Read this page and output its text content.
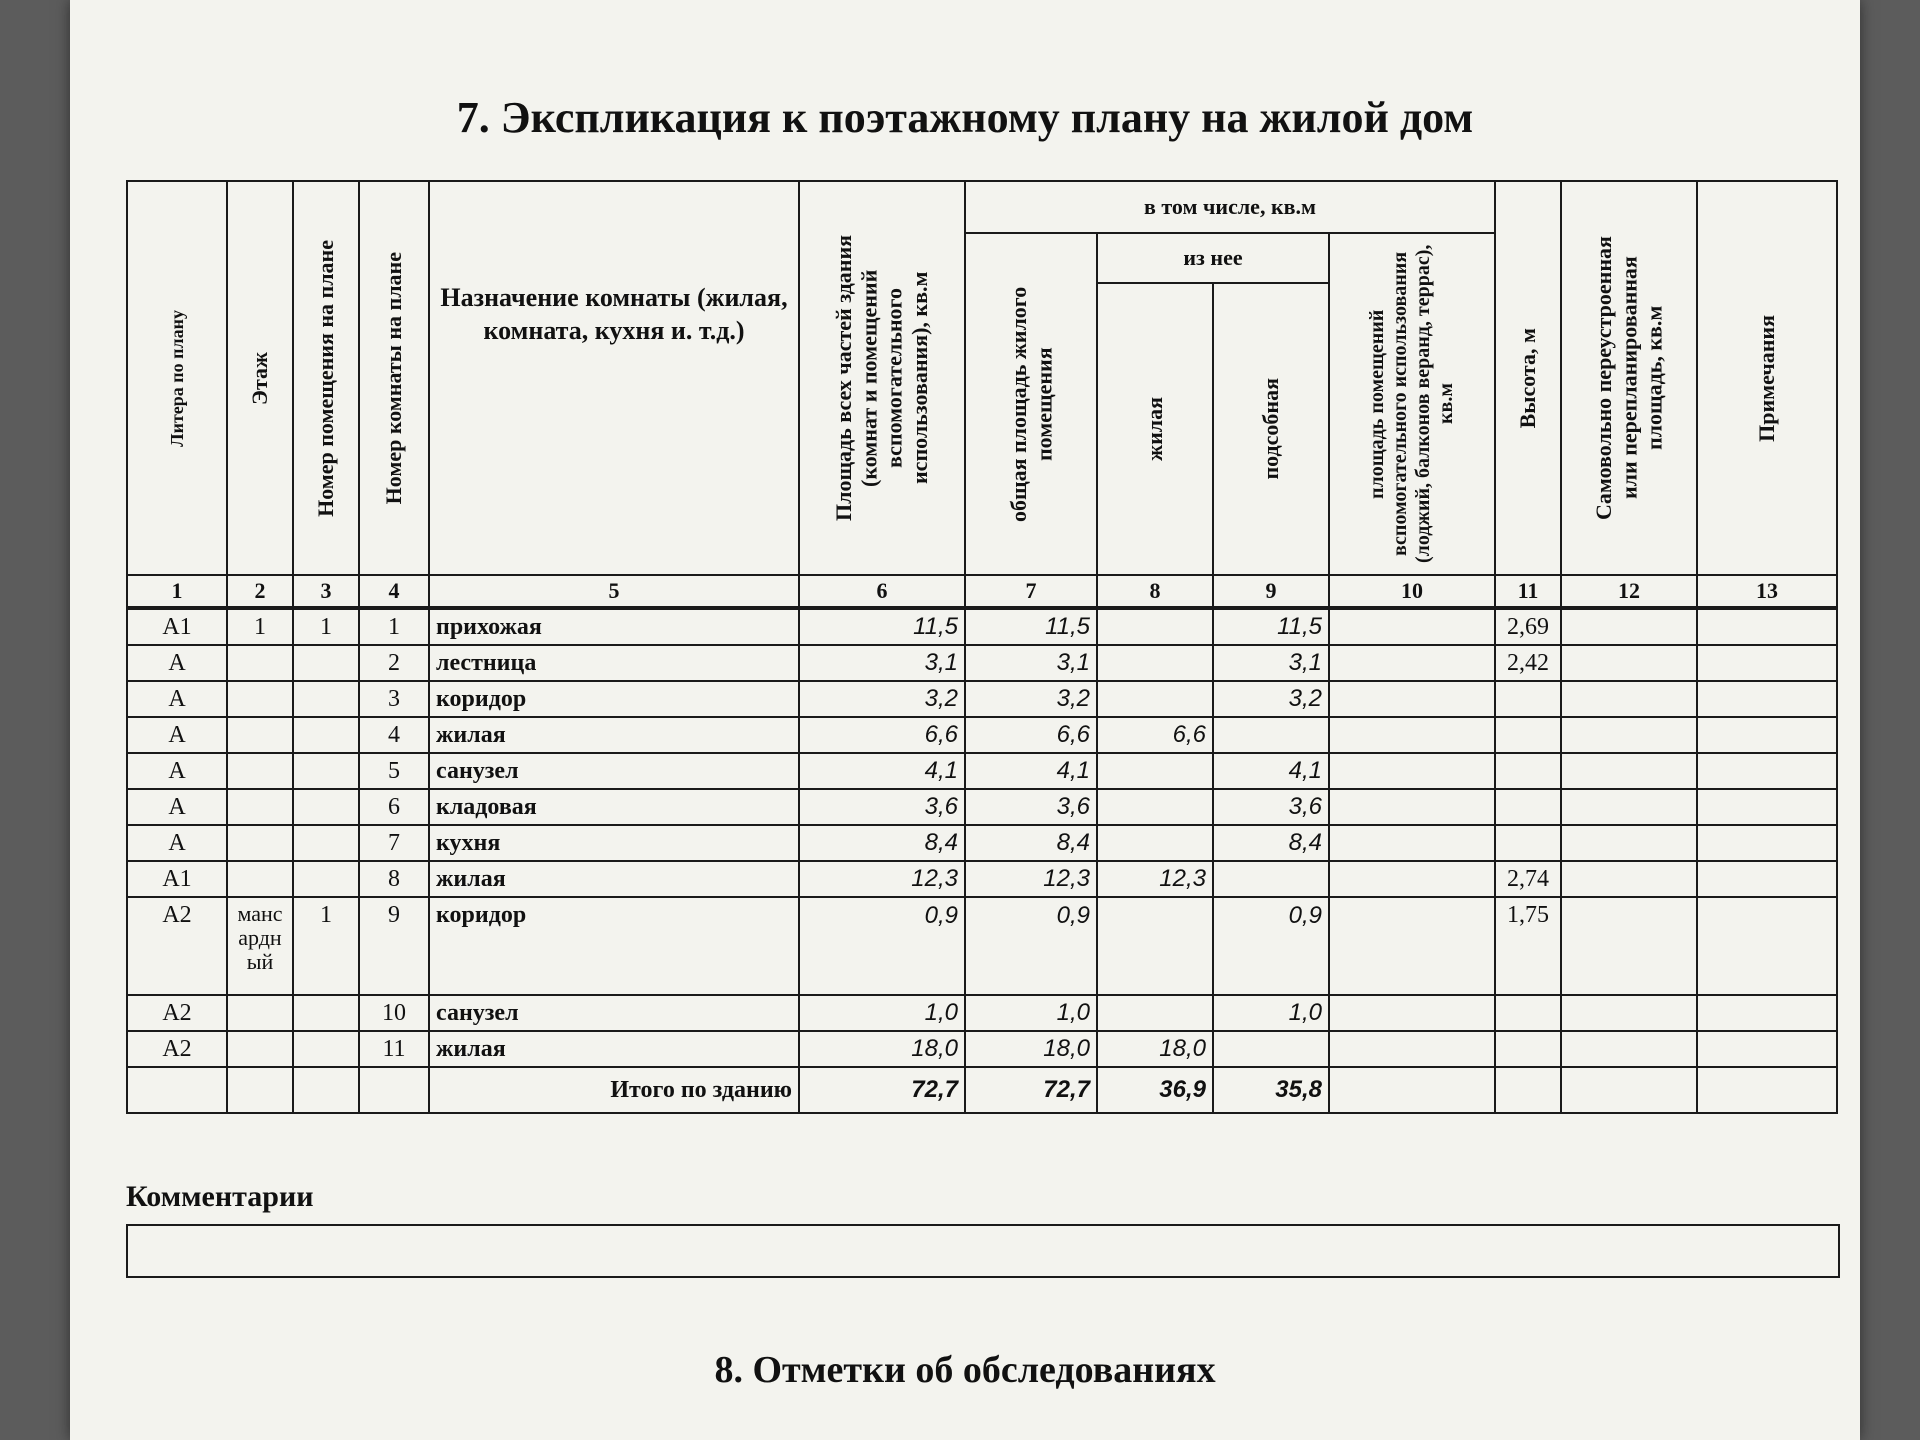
7. Экспликация к поэтажному плану на жилой дом
Литера по плану	Этаж	Номер помещения на плане	Номер комнаты на плане	Назначение комнаты (жилая, комната, кухня и. т.д.)	Площадь всех частей здания (комнат и помещений вспомогательного использования), кв.м	в том числе, кв.м				Высота, м	Самовольно переустроенная или перепланированная площадь, кв.м	Примечания

						общая площадь жилого помещения	из нее		площадь помещений вспомогательного использования (лоджий, балконов веранд, террас), кв.м			

							жилая	подсобная				

1	2	3	4	5	6	7	8	9	10	11	12	13
А1	1	1	1	прихожая	11,5	11,5		11,5		2,69		
А			2	лестница	3,1	3,1		3,1		2,42		
А			3	коридор	3,2	3,2		3,2				
А			4	жилая	6,6	6,6	6,6					
А			5	санузел	4,1	4,1		4,1				
А			6	кладовая	3,6	3,6		3,6				
А			7	кухня	8,4	8,4		8,4				
А1			8	жилая	12,3	12,3	12,3			2,74		
А2	мансардный	1	9	коридор	0,9	0,9		0,9		1,75		
А2			10	санузел	1,0	1,0		1,0				
А2			11	жилая	18,0	18,0	18,0					
				Итого по зданию	72,7	72,7	36,9	35,8				
Комментарии
8. Отметки об обследованиях
